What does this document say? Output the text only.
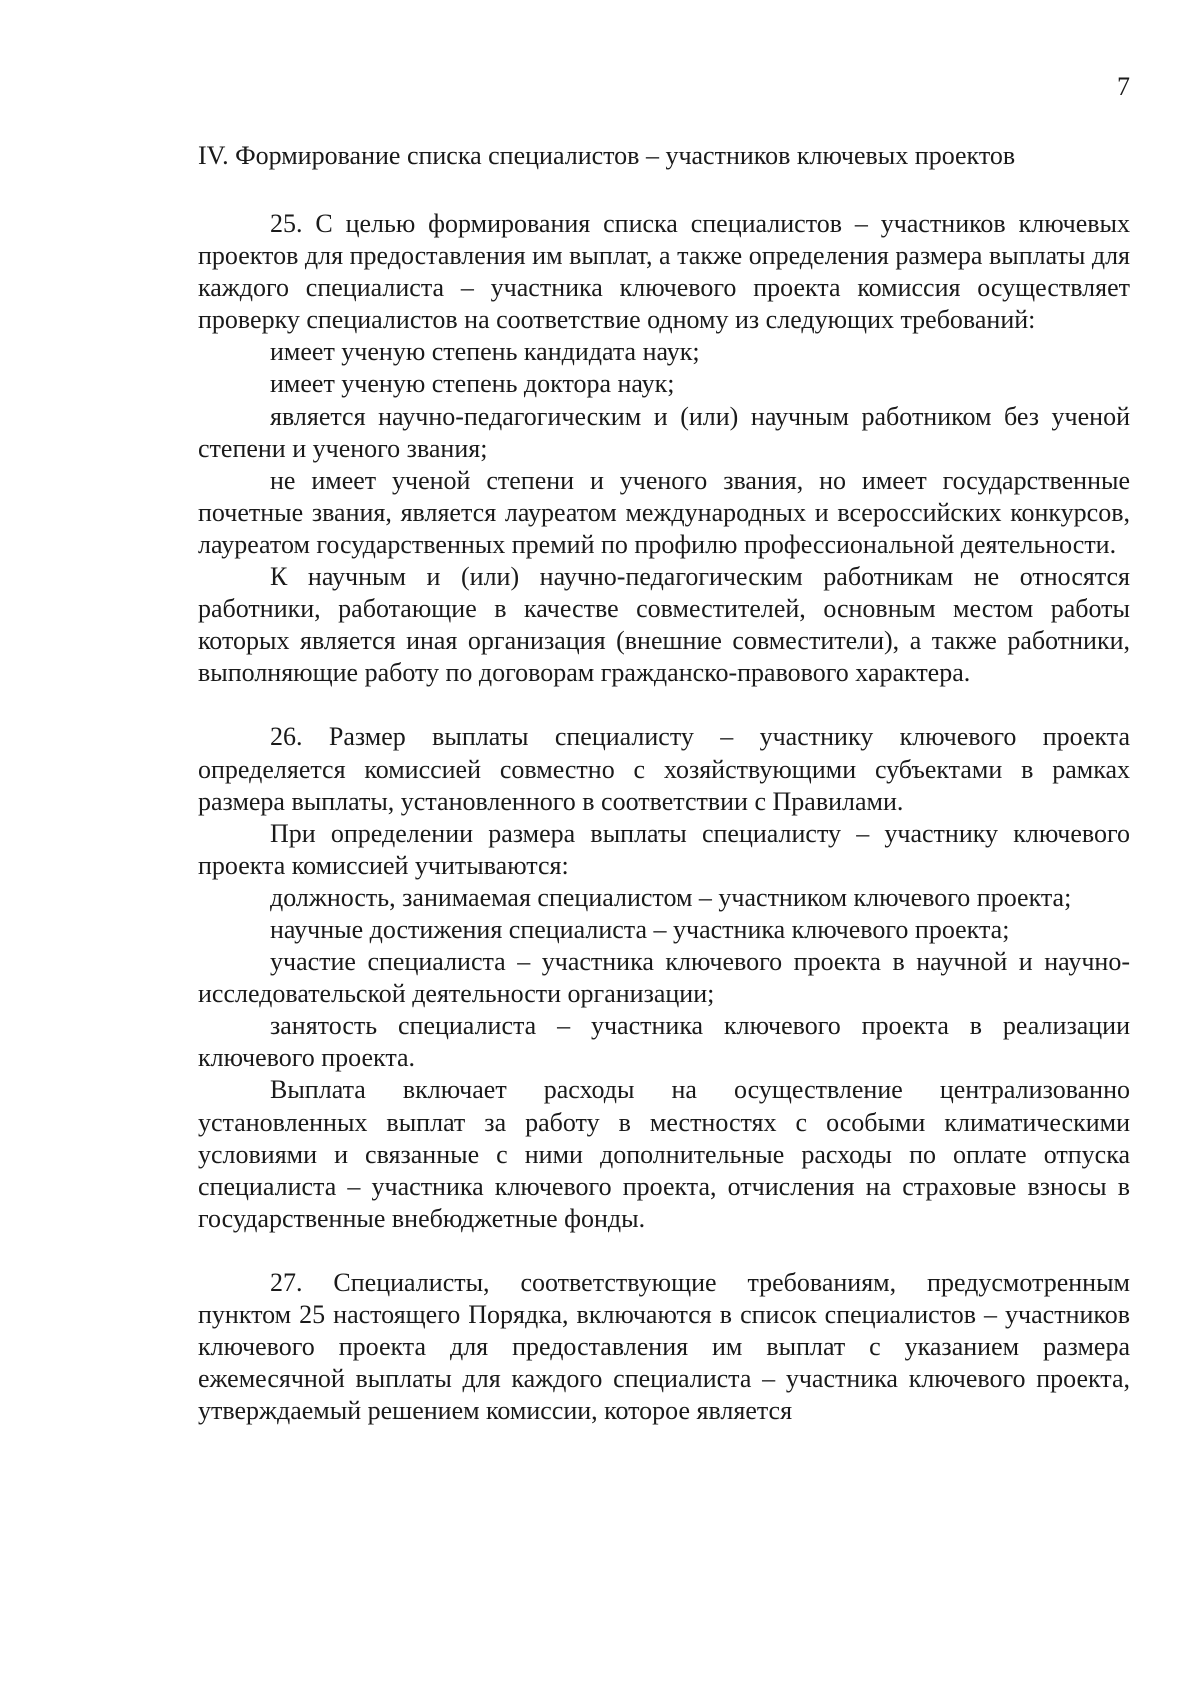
7
IV. Формирование списка специалистов – участников ключевых проектов

25. С целью формирования списка специалистов – участников ключевых проектов для предоставления им выплат, а также определения размера выплаты для каждого специалиста – участника ключевого проекта комиссия осуществляет проверку специалистов на соответствие одному из следующих требований:

имеет ученую степень кандидата наук;

имеет ученую степень доктора наук;

является научно-педагогическим и (или) научным работником без ученой степени и ученого звания;

не имеет ученой степени и ученого звания, но имеет государственные почетные звания, является лауреатом международных и всероссийских конкурсов, лауреатом государственных премий по профилю профессиональной деятельности.

К научным и (или) научно-педагогическим работникам не относятся работники, работающие в качестве совместителей, основным местом работы которых является иная организация (внешние совместители), а также работники, выполняющие работу по договорам гражданско-правового характера.

26. Размер выплаты специалисту – участнику ключевого проекта определяется комиссией совместно с хозяйствующими субъектами в рамках размера выплаты, установленного в соответствии с Правилами.

При определении размера выплаты специалисту – участнику ключевого проекта комиссией учитываются:

должность, занимаемая специалистом – участником ключевого проекта;

научные достижения специалиста – участника ключевого проекта;

участие специалиста – участника ключевого проекта в научной и научно-исследовательской деятельности организации;

занятость специалиста – участника ключевого проекта в реализации ключевого проекта.

Выплата включает расходы на осуществление централизованно установленных выплат за работу в местностях с особыми климатическими условиями и связанные с ними дополнительные расходы по оплате отпуска специалиста – участника ключевого проекта, отчисления на страховые взносы в государственные внебюджетные фонды.

27. Специалисты, соответствующие требованиям, предусмотренным пунктом 25 настоящего Порядка, включаются в список специалистов – участников ключевого проекта для предоставления им выплат с указанием размера ежемесячной выплаты для каждого специалиста – участника ключевого проекта, утверждаемый решением комиссии, которое является
